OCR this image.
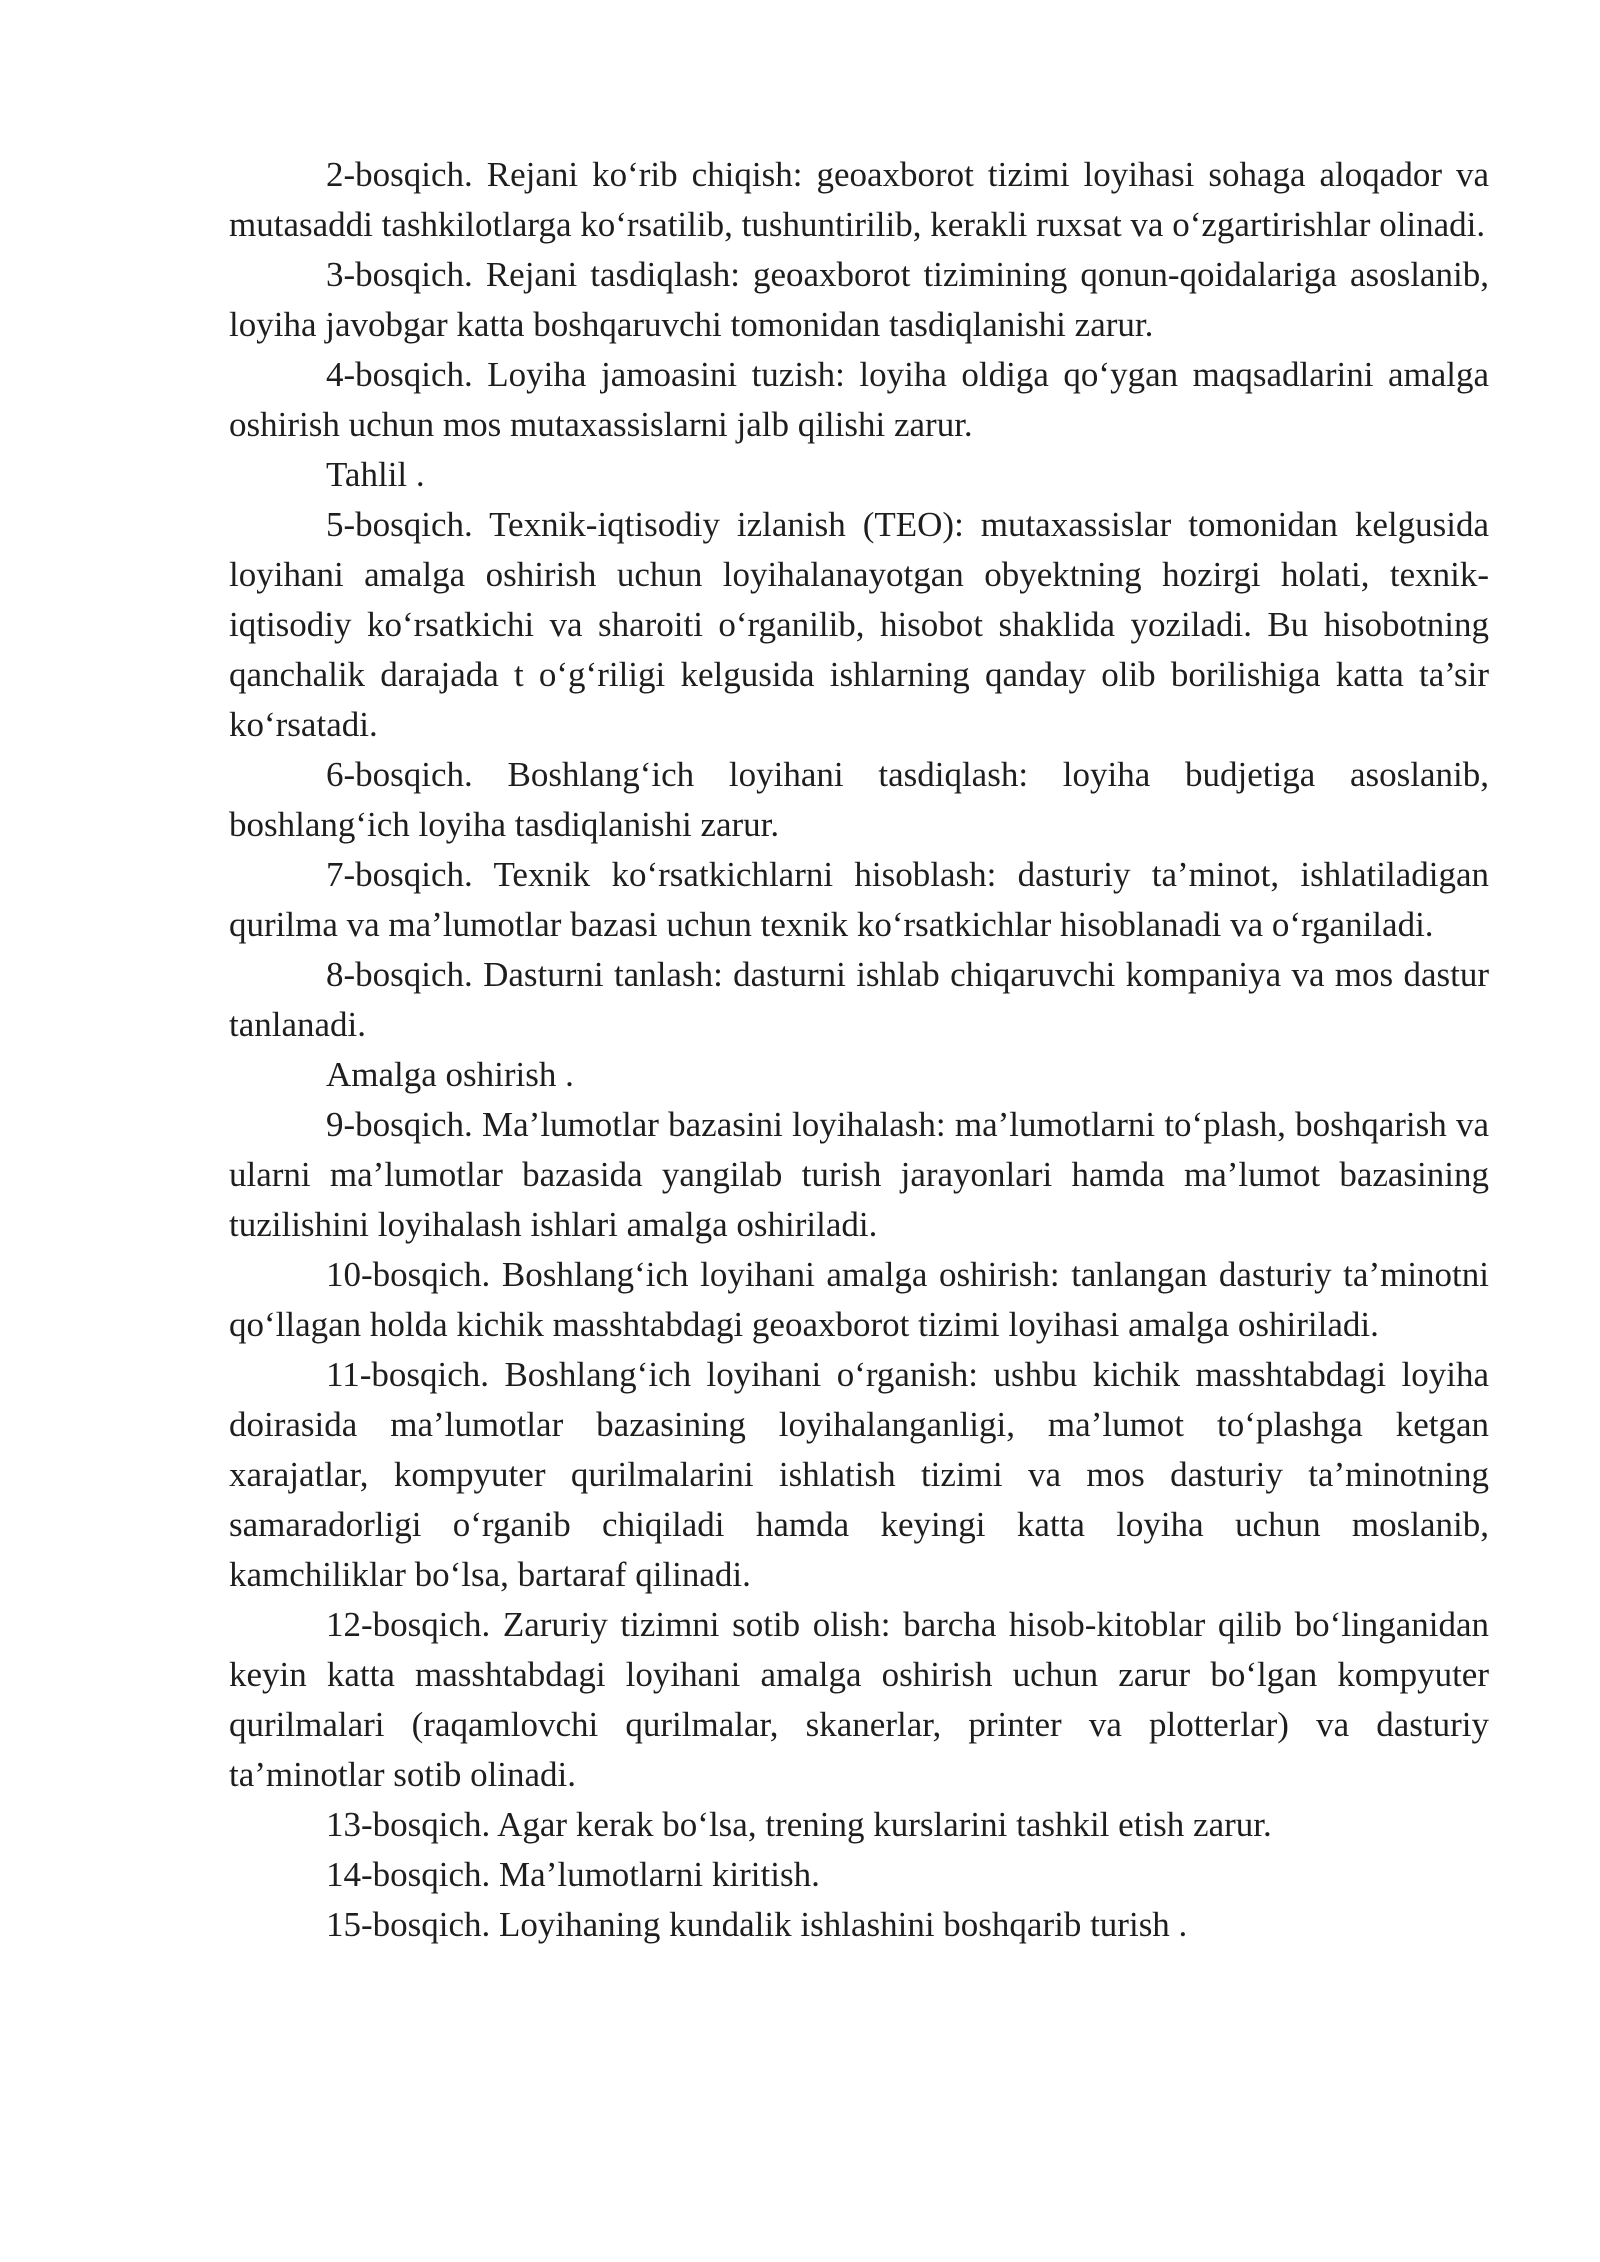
2-bosqich. Rejani ko‘rib chiqish: geoaxborot tizimi loyihasi sohaga aloqador va mutasaddi tashkilotlarga ko‘rsatilib, tushuntirilib, kerakli ruxsat va o‘zgartirishlar olinadi.

3-bosqich. Rejani tasdiqlash: geoaxborot tizimining qonun-qoidalariga asoslanib, loyiha javobgar katta boshqaruvchi tomonidan tasdiqlanishi zarur.

4-bosqich. Loyiha jamoasini tuzish: loyiha oldiga qo‘ygan maqsadlarini amalga oshirish uchun mos mutaxassislarni jalb qilishi zarur.

Tahlil .

5-bosqich. Texnik-iqtisodiy izlanish (TEO): mutaxassislar tomonidan kelgusida loyihani amalga oshirish uchun loyihalanayotgan obyektning hozirgi holati, texnik-iqtisodiy ko‘rsatkichi va sharoiti o‘rganilib, hisobot shaklida yoziladi. Bu hisobotning qanchalik darajada t o‘g‘riligi kelgusida ishlarning qanday olib borilishiga katta ta’sir ko‘rsatadi.

6-bosqich. Boshlang‘ich loyihani tasdiqlash: loyiha budjetiga asoslanib, boshlang‘ich loyiha tasdiqlanishi zarur.

7-bosqich. Texnik ko‘rsatkichlarni hisoblash: dasturiy ta’minot, ishlatiladigan qurilma va ma’lumotlar bazasi uchun texnik ko‘rsatkichlar hisoblanadi va o‘rganiladi.

8-bosqich. Dasturni tanlash: dasturni ishlab chiqaruvchi kompaniya va mos dastur tanlanadi.

Amalga oshirish .

9-bosqich. Ma’lumotlar bazasini loyihalash: ma’lumotlarni to‘plash, boshqarish va ularni ma’lumotlar bazasida yangilab turish jarayonlari hamda ma’lumot bazasining tuzilishini loyihalash ishlari amalga oshiriladi.

10-bosqich. Boshlang‘ich loyihani amalga oshirish: tanlangan dasturiy ta’minotni qo‘llagan holda kichik masshtabdagi geoaxborot tizimi loyihasi amalga oshiriladi.

11-bosqich. Boshlang‘ich loyihani o‘rganish: ushbu kichik masshtabdagi loyiha doirasida ma’lumotlar bazasining loyihalanganligi, ma’lumot to‘plashga ketgan xarajatlar, kompyuter qurilmalarini ishlatish tizimi va mos dasturiy ta’minotning samaradorligi o‘rganib chiqiladi hamda keyingi katta loyiha uchun moslanib, kamchiliklar bo‘lsa, bartaraf qilinadi.

12-bosqich. Zaruriy tizimni sotib olish: barcha hisob-kitoblar qilib bo‘linganidan keyin katta masshtabdagi loyihani amalga oshirish uchun zarur bo‘lgan kompyuter qurilmalari (raqamlovchi qurilmalar, skanerlar, printer va plotterlar) va dasturiy ta’minotlar sotib olinadi.

13-bosqich. Agar kerak bo‘lsa, trening kurslarini tashkil etish zarur.

14-bosqich. Ma’lumotlarni kiritish.

15-bosqich. Loyihaning kundalik ishlashini boshqarib turish .
